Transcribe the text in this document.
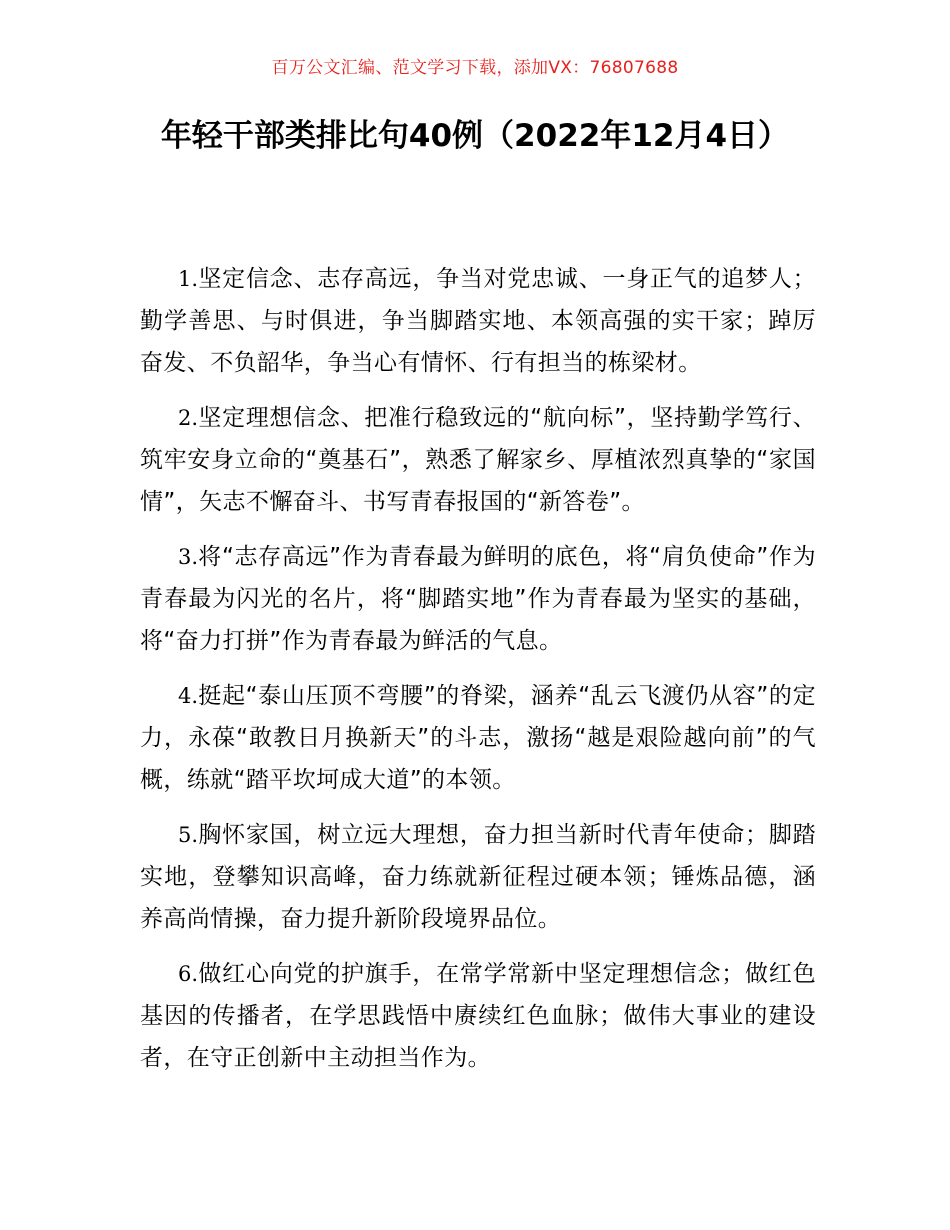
百万公文汇编、范文学习下载，添加VX：76807688
年轻干部类排比句40例（2022年12月4日）

1.坚定信念、志存高远，争当对党忠诚、一身正气的追梦人；勤学善思、与时俱进，争当脚踏实地、本领高强的实干家；踔厉奋发、不负韶华，争当心有情怀、行有担当的栋梁材。

2.坚定理想信念、把准行稳致远的“航向标”，坚持勤学笃行、筑牢安身立命的“奠基石”，熟悉了解家乡、厚植浓烈真挚的“家国情”，矢志不懈奋斗、书写青春报国的“新答卷”。

3.将“志存高远”作为青春最为鲜明的底色，将“肩负使命”作为青春最为闪光的名片，将“脚踏实地”作为青春最为坚实的基础，将“奋力打拼”作为青春最为鲜活的气息。

4.挺起“泰山压顶不弯腰”的脊梁，涵养“乱云飞渡仍从容”的定力，永葆“敢教日月换新天”的斗志，激扬“越是艰险越向前”的气概，练就“踏平坎坷成大道”的本领。

5.胸怀家国，树立远大理想，奋力担当新时代青年使命；脚踏实地，登攀知识高峰，奋力练就新征程过硬本领；锤炼品德，涵养高尚情操，奋力提升新阶段境界品位。

6.做红心向党的护旗手，在常学常新中坚定理想信念；做红色基因的传播者，在学思践悟中赓续红色血脉；做伟大事业的建设者，在守正创新中主动担当作为。
